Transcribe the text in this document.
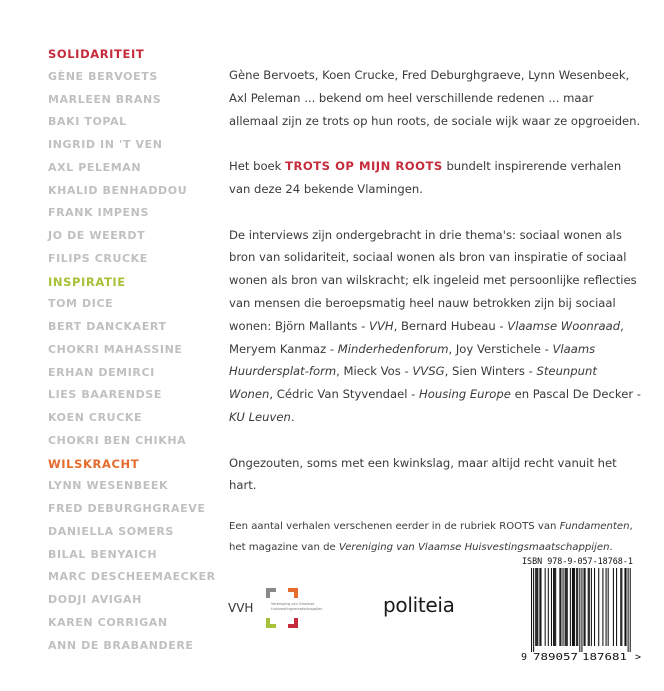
SOLIDARITEIT
GÈNE BERVOETS
MARLEEN BRANS
BAKI TOPAL
INGRID IN 'T VEN
AXL PELEMAN
KHALID BENHADDOU
FRANK IMPENS
JO DE WEERDT
FILIPS CRUCKE
INSPIRATIE
TOM DICE
BERT DANCKAERT
CHOKRI MAHASSINE
ERHAN DEMIRCI
LIES BAARENDSE
KOEN CRUCKE
CHOKRI BEN CHIKHA
WILSKRACHT
LYNN WESENBEEK
FRED DEBURGHGRAEVE
DANIELLA SOMERS
BILAL BENYAICH
MARC DESCHEEMAECKER
DODJI AVIGAH
KAREN CORRIGAN
ANN DE BRABANDERE

Gène Bervoets, Koen Crucke, Fred Deburghgraeve, Lynn Wesenbeek, Axl Peleman ... bekend om heel verschillende redenen ... maar allemaal zijn ze trots op hun roots, de sociale wijk waar ze opgroeiden.

Het boek TROTS OP MIJN ROOTS bundelt inspirerende verhalen van deze 24 bekende Vlamingen.

De interviews zijn ondergebracht in drie thema's: sociaal wonen als bron van solidariteit, sociaal wonen als bron van inspiratie of sociaal wonen als bron van wilskracht; elk ingeleid met persoonlijke reflecties van mensen die beroepsmatig heel nauw betrokken zijn bij sociaal wonen: Björn Mallants - VVH, Bernard Hubeau - Vlaamse Woonraad, Meryem Kanmaz - Minderhedenforum, Joy Verstichele - Vlaams Huurdersplat-form, Mieck Vos - VVSG, Sien Winters - Steunpunt Wonen, Cédric Van Styvendael - Housing Europe en Pascal De Decker - KU Leuven.

Ongezouten, soms met een kwinkslag, maar altijd recht vanuit het hart.

Een aantal verhalen verschenen eerder in de rubriek ROOTS van Fundamenten, het magazine van de Vereniging van Vlaamse Huisvestingsmaatschappijen.

VVH	Vereniging van Vlaamse
Huisvestingsmaatschappijen	politeia
ISBN 978-9-057-18768-1
9 789057 187681 >
